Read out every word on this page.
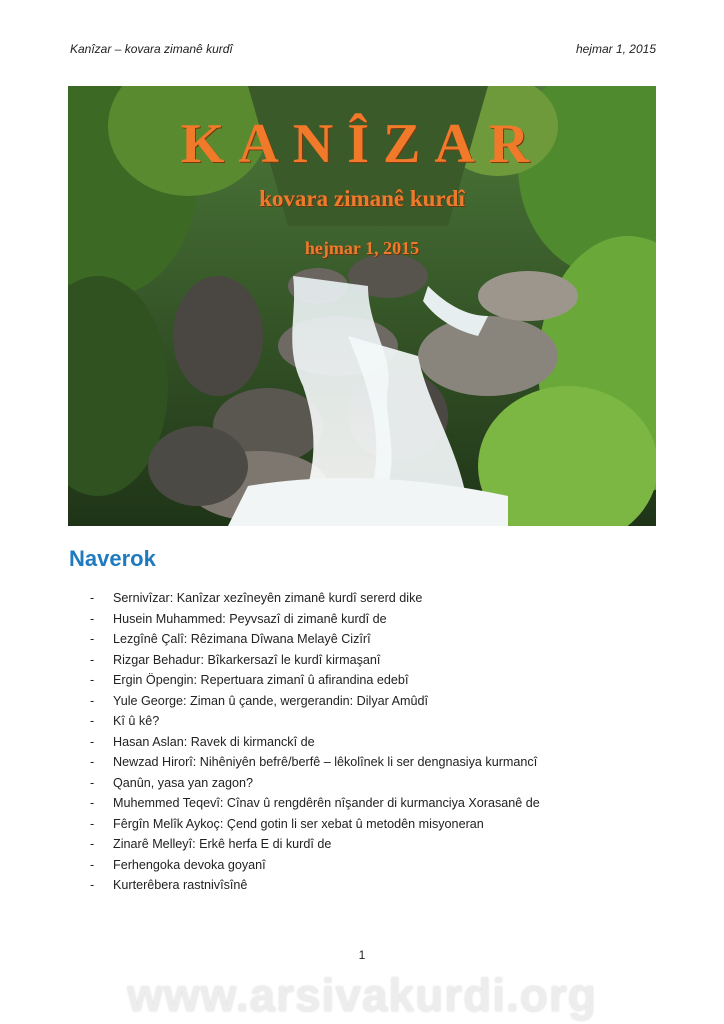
Kanîzar – kovara zimanê kurdî	hejmar 1, 2015
KANÎZAR
kovara zimanê kurdî
hejmar 1, 2015
Naverok
- Sernivîzar: Kanîzar xezîneyên zimanê kurdî sererd dike
- Husein Muhammed: Peyvsazî di zimanê kurdî de
- Lezgînê Çalî: Rêzimana Dîwana Melayê Cizîrî
- Rizgar Behadur: Bîkarkersazî le kurdî kirmaşanî
- Ergin Öpengin: Repertuara zimanî û afirandina edebî
- Yule George: Ziman û çande, wergerandin: Dilyar Amûdî
- Kî û kê?
- Hasan Aslan: Ravek di kirmanckî de
- Newzad Hirorî: Nihêniyên befrê/berfê – lêkolînek li ser dengnasiya kurmancî
- Qanûn, yasa yan zagon?
- Muhemmed Teqevî: Cînav û rengdêrên nîşander di kurmanciya Xorasanê de
- Fêrgîn Melîk Aykoç: Çend gotin li ser xebat û metodên misyoneran
- Zinarê Melleyî: Erkê herfa E di kurdî de
- Ferhengoka devoka goyanî
- Kurterêbera rastnivîsînê
1
www.arsivakurdi.org
